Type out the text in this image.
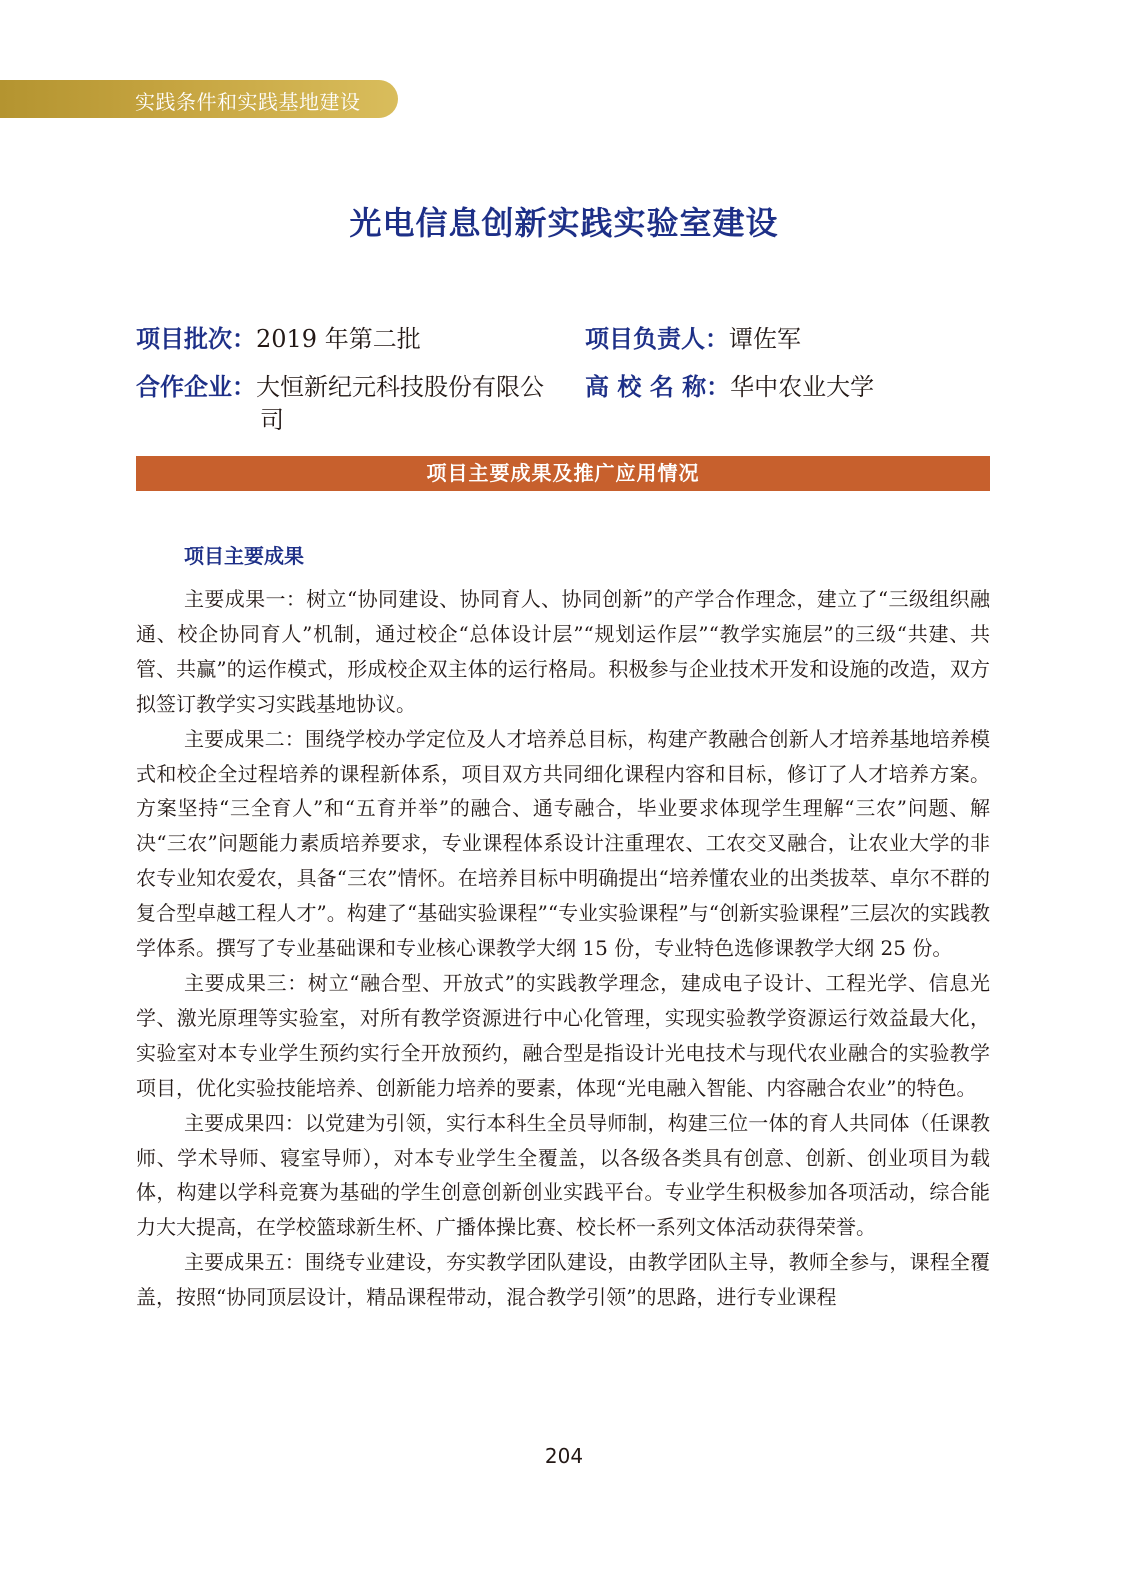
实践条件和实践基地建设
光电信息创新实践实验室建设
项目批次：2019 年第二批	项目负责人：谭佐军
合作企业：大恒新纪元科技股份有限公
司
高 校 名 称：华中农业大学
项目主要成果及推广应用情况
项目主要成果

主要成果一：树立“协同建设、协同育人、协同创新”的产学合作理念，建立了“三级组织融通、校企协同育人”机制，通过校企“总体设计层”“规划运作层”“教学实施层”的三级“共建、共管、共赢”的运作模式，形成校企双主体的运行格局。积极参与企业技术开发和设施的改造，双方拟签订教学实习实践基地协议。

主要成果二：围绕学校办学定位及人才培养总目标，构建产教融合创新人才培养基地培养模式和校企全过程培养的课程新体系，项目双方共同细化课程内容和目标，修订了人才培养方案。方案坚持“三全育人”和“五育并举”的融合、通专融合，毕业要求体现学生理解“三农”问题、解决“三农”问题能力素质培养要求，专业课程体系设计注重理农、工农交叉融合，让农业大学的非农专业知农爱农，具备“三农”情怀。在培养目标中明确提出“培养懂农业的出类拔萃、卓尔不群的复合型卓越工程人才”。构建了“基础实验课程”“专业实验课程”与“创新实验课程”三层次的实践教学体系。撰写了专业基础课和专业核心课教学大纲 15 份，专业特色选修课教学大纲 25 份。

主要成果三：树立“融合型、开放式”的实践教学理念，建成电子设计、工程光学、信息光学、激光原理等实验室，对所有教学资源进行中心化管理，实现实验教学资源运行效益最大化，实验室对本专业学生预约实行全开放预约，融合型是指设计光电技术与现代农业融合的实验教学项目，优化实验技能培养、创新能力培养的要素，体现“光电融入智能、内容融合农业”的特色。

主要成果四：以党建为引领，实行本科生全员导师制，构建三位一体的育人共同体（任课教师、学术导师、寝室导师），对本专业学生全覆盖，以各级各类具有创意、创新、创业项目为载体，构建以学科竞赛为基础的学生创意创新创业实践平台。专业学生积极参加各项活动，综合能力大大提高，在学校篮球新生杯、广播体操比赛、校长杯一系列文体活动获得荣誉。

主要成果五：围绕专业建设，夯实教学团队建设，由教学团队主导，教师全参与，课程全覆盖，按照“协同顶层设计，精品课程带动，混合教学引领”的思路，进行专业课程

204
